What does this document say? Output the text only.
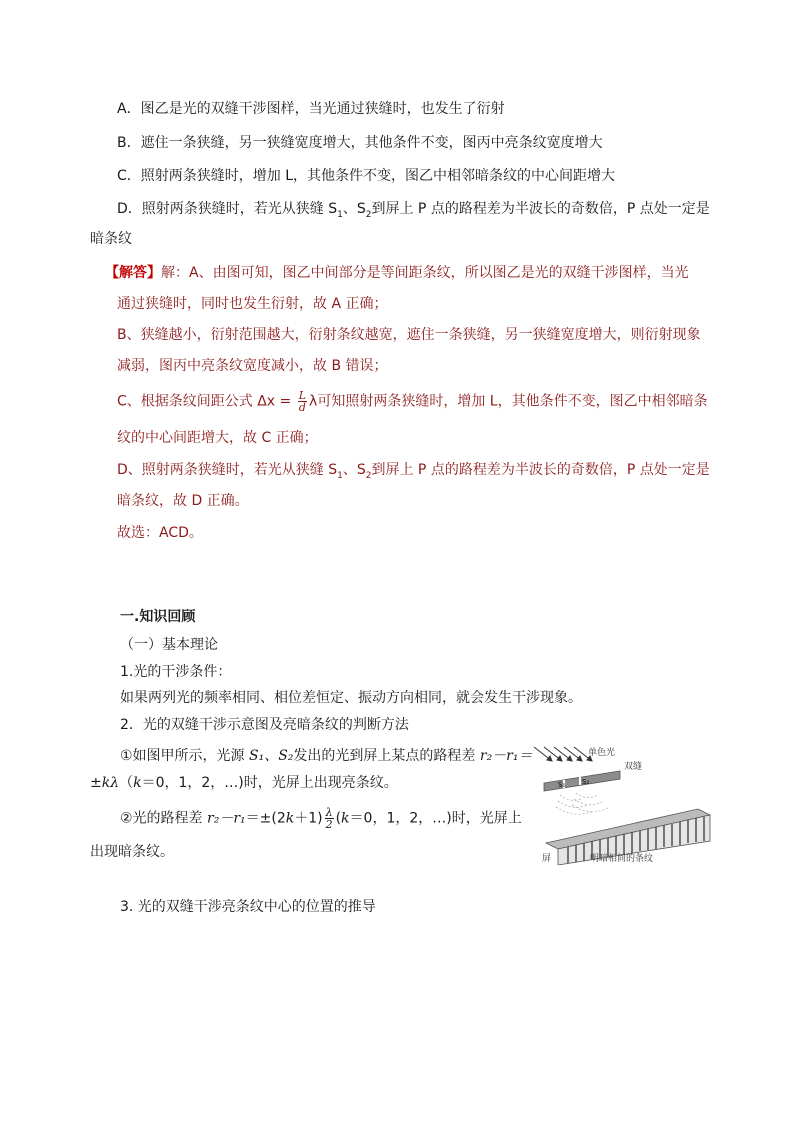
A．图乙是光的双缝干涉图样，当光通过狭缝时，也发生了衍射
B．遮住一条狭缝，另一狭缝宽度增大，其他条件不变，图丙中亮条纹宽度增大
C．照射两条狭缝时，增加 L，其他条件不变，图乙中相邻暗条纹的中心间距增大
D．照射两条狭缝时，若光从狭缝 $S_1$、$S_2$到屏上 P 点的路程差为半波长的奇数倍，P 点处一定是
暗条纹
【解答】解：A、由图可知，图乙中间部分是等间距条纹，所以图乙是光的双缝干涉图样，当光
通过狭缝时，同时也发生衍射，故 A 正确；
B、狭缝越小，衍射范围越大，衍射条纹越宽，遮住一条狭缝，另一狭缝宽度增大，则衍射现象
减弱，图丙中亮条纹宽度减小，故 B 错误；
C、根据条纹间距公式 $\Delta x = \frac{L}{d}$ λ可知照射两条狭缝时，增加 L，其他条件不变，图乙中相邻暗条
纹的中心间距增大，故 C 正确；
D、照射两条狭缝时，若光从狭缝 $S_1$、$S_2$到屏上 P 点的路程差为半波长的奇数倍，P 点处一定是
暗条纹，故 D 正确。
故选：ACD。
一.知识回顾
（一）基本理论
1.光的干涉条件：
如果两列光的频率相同、相位差恒定、振动方向相同，就会发生干涉现象。
2．光的双缝干涉示意图及亮暗条纹的判断方法
①如图甲所示，光源 S₁、S₂发出的光到屏上某点的路程差 r₂－r₁＝
±kλ（k＝0，1，2，…)时，光屏上出现亮条纹。
②光的路程差 $r_2-r_1=\pm(2k+1) \frac{\lambda}{2} (k=0$，1，2，…)时，光屏上
出现暗条纹。
3. 光的双缝干涉亮条纹中心的位置的推导
S₁ S₂
单色光
双缝
屏	明暗相间的条纹
